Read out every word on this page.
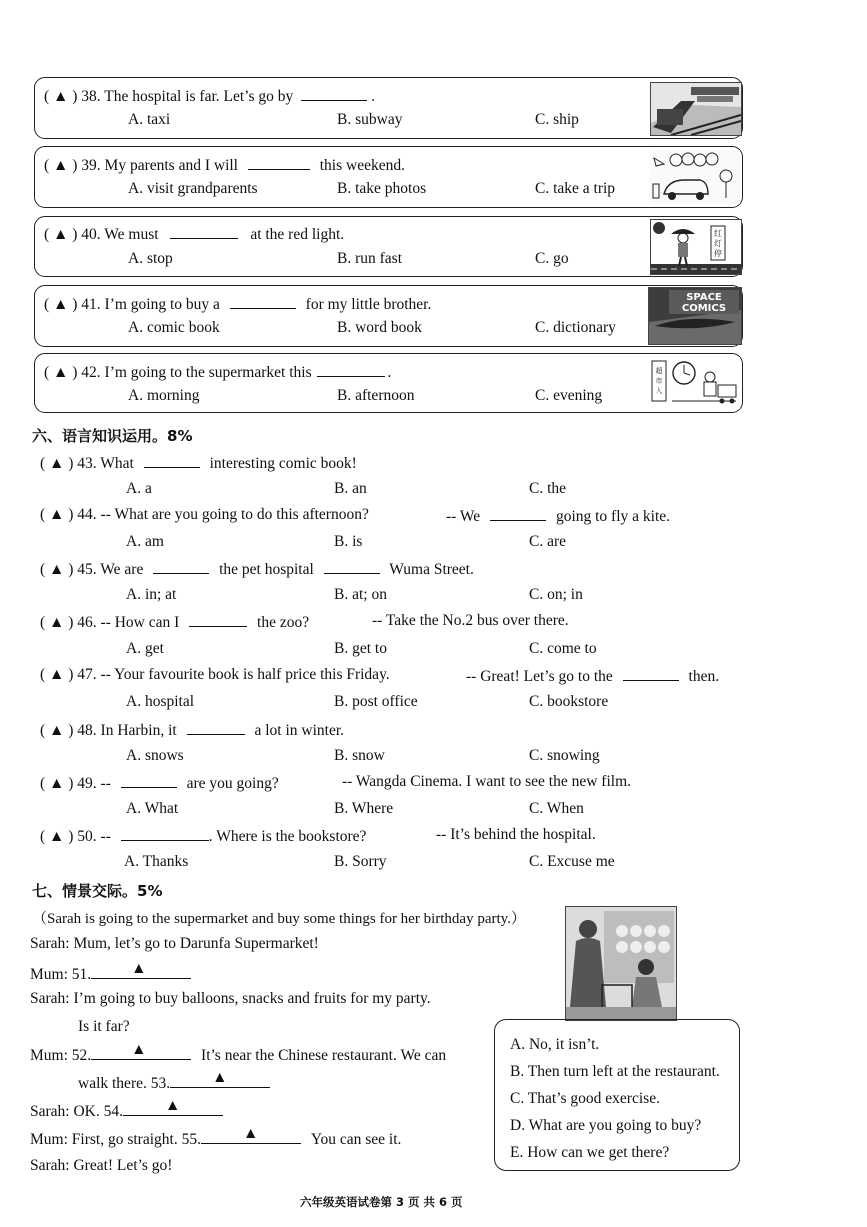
( ▲ ) 38. The hospital is far. Let’s go by	.
A. taxi	B. subway	C. ship
( ▲ ) 39. My parents and I will	this weekend.
A. visit grandparents	B. take photos	C. take a trip
( ▲ ) 40. We must	at the red light.
A. stop	B. run fast	C. go
( ▲ ) 41. I’m going to buy a	for my little brother.
A. comic book	B. word book	C. dictionary
( ▲ ) 42. I’m going to the supermarket this	.
A. morning	B. afternoon	C. evening
红
灯
停
SPACE
COMICS
超
市
入
六、语言知识运用。8%
( ▲ ) 43. What	interesting comic book!
A. a	B. an	C. the
( ▲ ) 44. -- What are you going to do this afternoon?	-- We	going to fly a kite.
A. am	B. is	C. are
( ▲ ) 45. We are	the pet hospital	Wuma Street.
A. in; at	B. at; on	C. on; in
( ▲ ) 46. -- How can I	the zoo?	-- Take the No.2 bus over there.
A. get	B. get to	C. come to
( ▲ ) 47. -- Your favourite book is half price this Friday.	-- Great! Let’s go to the	then.
A. hospital	B. post office	C. bookstore
( ▲ ) 48. In Harbin, it	a lot in winter.
A. snows	B. snow	C. snowing
( ▲ ) 49. --	are you going?	-- Wangda Cinema. I want to see the new film.
A. What	B. Where	C. When
( ▲ ) 50. --	. Where is the bookstore?	-- It’s behind the hospital.
A. Thanks	B. Sorry	C. Excuse me
七、情景交际。5%
（Sarah is going to the supermarket and buy some things for her birthday party.）
Sarah: Mum, let’s go to Darunfa Supermarket!
Mum: 51.	▲
Sarah: I’m going to buy balloons, snacks and fruits for my party.
Is it far?
Mum: 52.	▲	It’s near the Chinese restaurant. We can
walk there. 53.	▲
Sarah: OK. 54.	▲
Mum: First, go straight. 55.	▲	You can see it.
Sarah: Great! Let’s go!
A. No, it isn’t.
B. Then turn left at the restaurant.
C. That’s good exercise.
D. What are you going to buy?
E. How can we get there?
六年级英语试卷第 3 页 共 6 页
